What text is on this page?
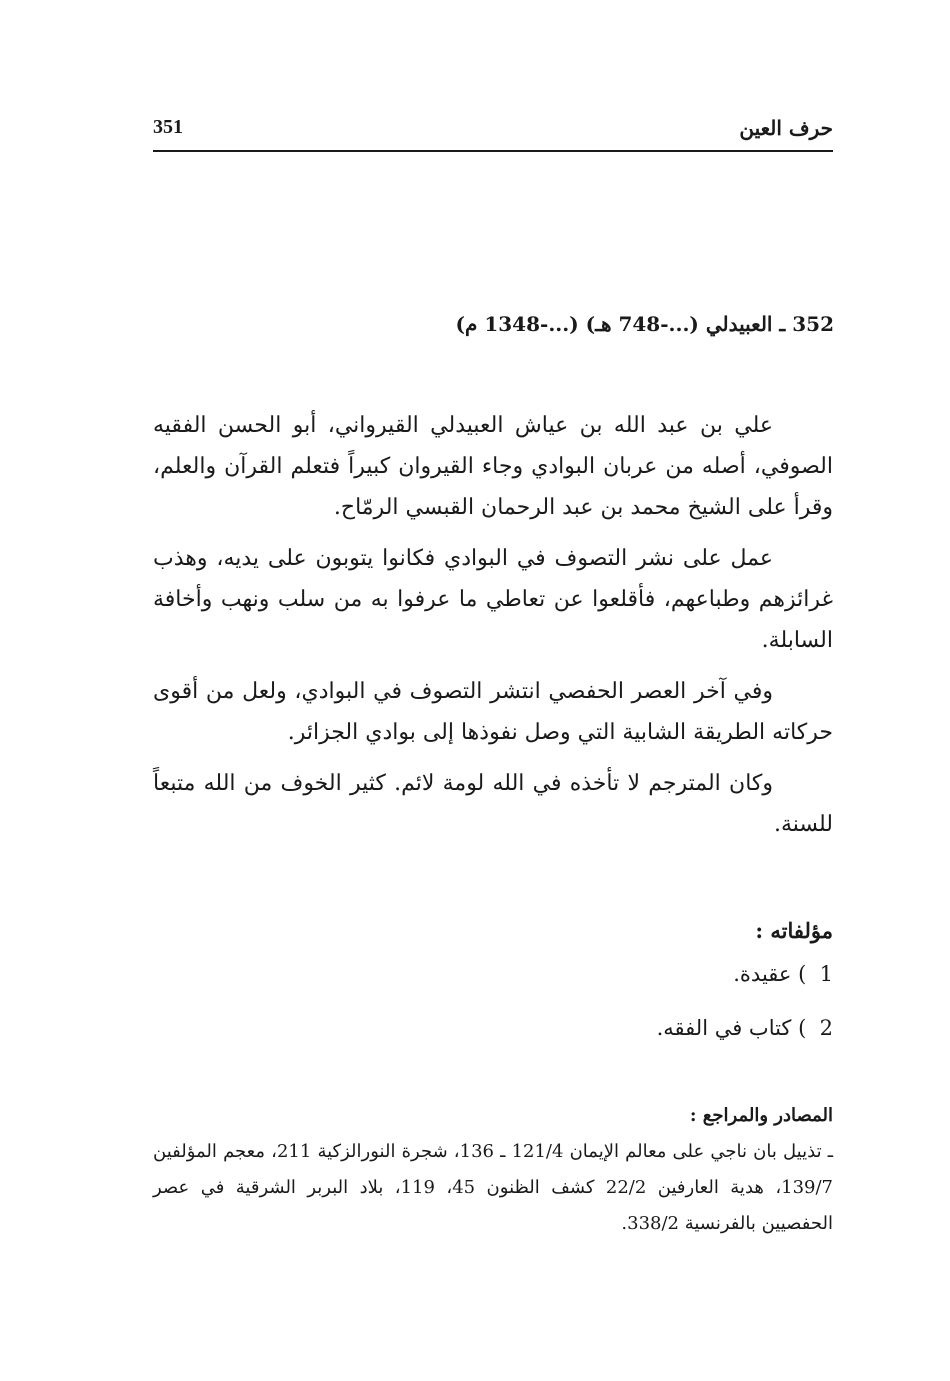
حرف العين
351
352 ـ العبيدلي (...-748 هـ) (...-1348 م)

علي بن عبد الله بن عياش العبيدلي القيرواني، أبو الحسن الفقيه الصوفي، أصله من عربان البوادي وجاء القيروان كبيراً فتعلم القرآن والعلم، وقرأ على الشيخ محمد بن عبد الرحمان القبسي الرمّاح.

عمل على نشر التصوف في البوادي فكانوا يتوبون على يديه، وهذب غرائزهم وطباعهم، فأقلعوا عن تعاطي ما عرفوا به من سلب ونهب وأخافة السابلة.

وفي آخر العصر الحفصي انتشر التصوف في البوادي، ولعل من أقوى حركاته الطريقة الشابية التي وصل نفوذها إلى بوادي الجزائر.

وكان المترجم لا تأخذه في الله لومة لائم. كثير الخوف من الله متبعاً للسنة.

مؤلفاته :
1 ) عقيدة.
2 ) كتاب في الفقه.
المصادر والمراجع :
ـ تذييل بان ناجي على معالم الإيمان 121/4 ـ 136، شجرة النورالزكية 211، معجم المؤلفين 139/7، هدية العارفين 22/2 كشف الظنون 45، 119، بلاد البربر الشرقية في عصر الحفصيين بالفرنسية 338/2.
